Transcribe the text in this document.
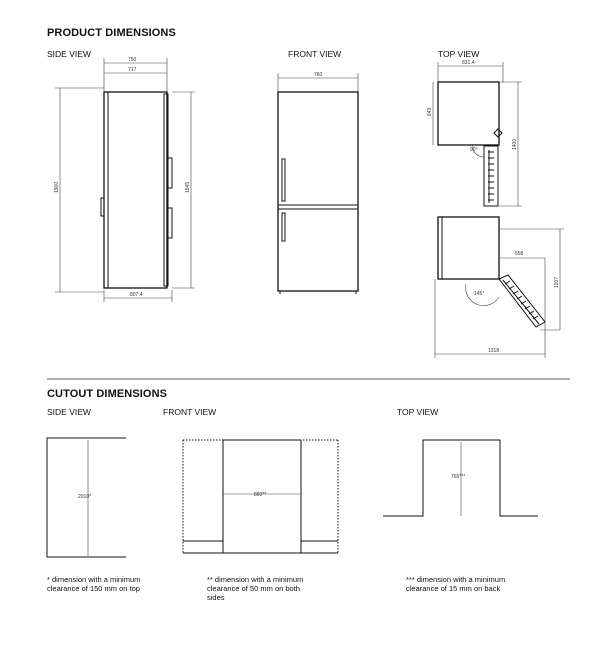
PRODUCT DIMENSIONS
SIDE VIEW	FRONT VIEW	TOP VIEW
CUTOUT DIMENSIONS
SIDE VIEW	FRONT VIEW	TOP VIEW
* dimension with a minimum clearance of 150 mm on top
** dimension with a minimum clearance of 50 mm on both sides
*** dimension with a minimum clearance of 15 mm on back
750
717
1900	1845
807.4
760
831.4
643
1400
90°
558
1207
1318
145°
2010*	860**
765***
